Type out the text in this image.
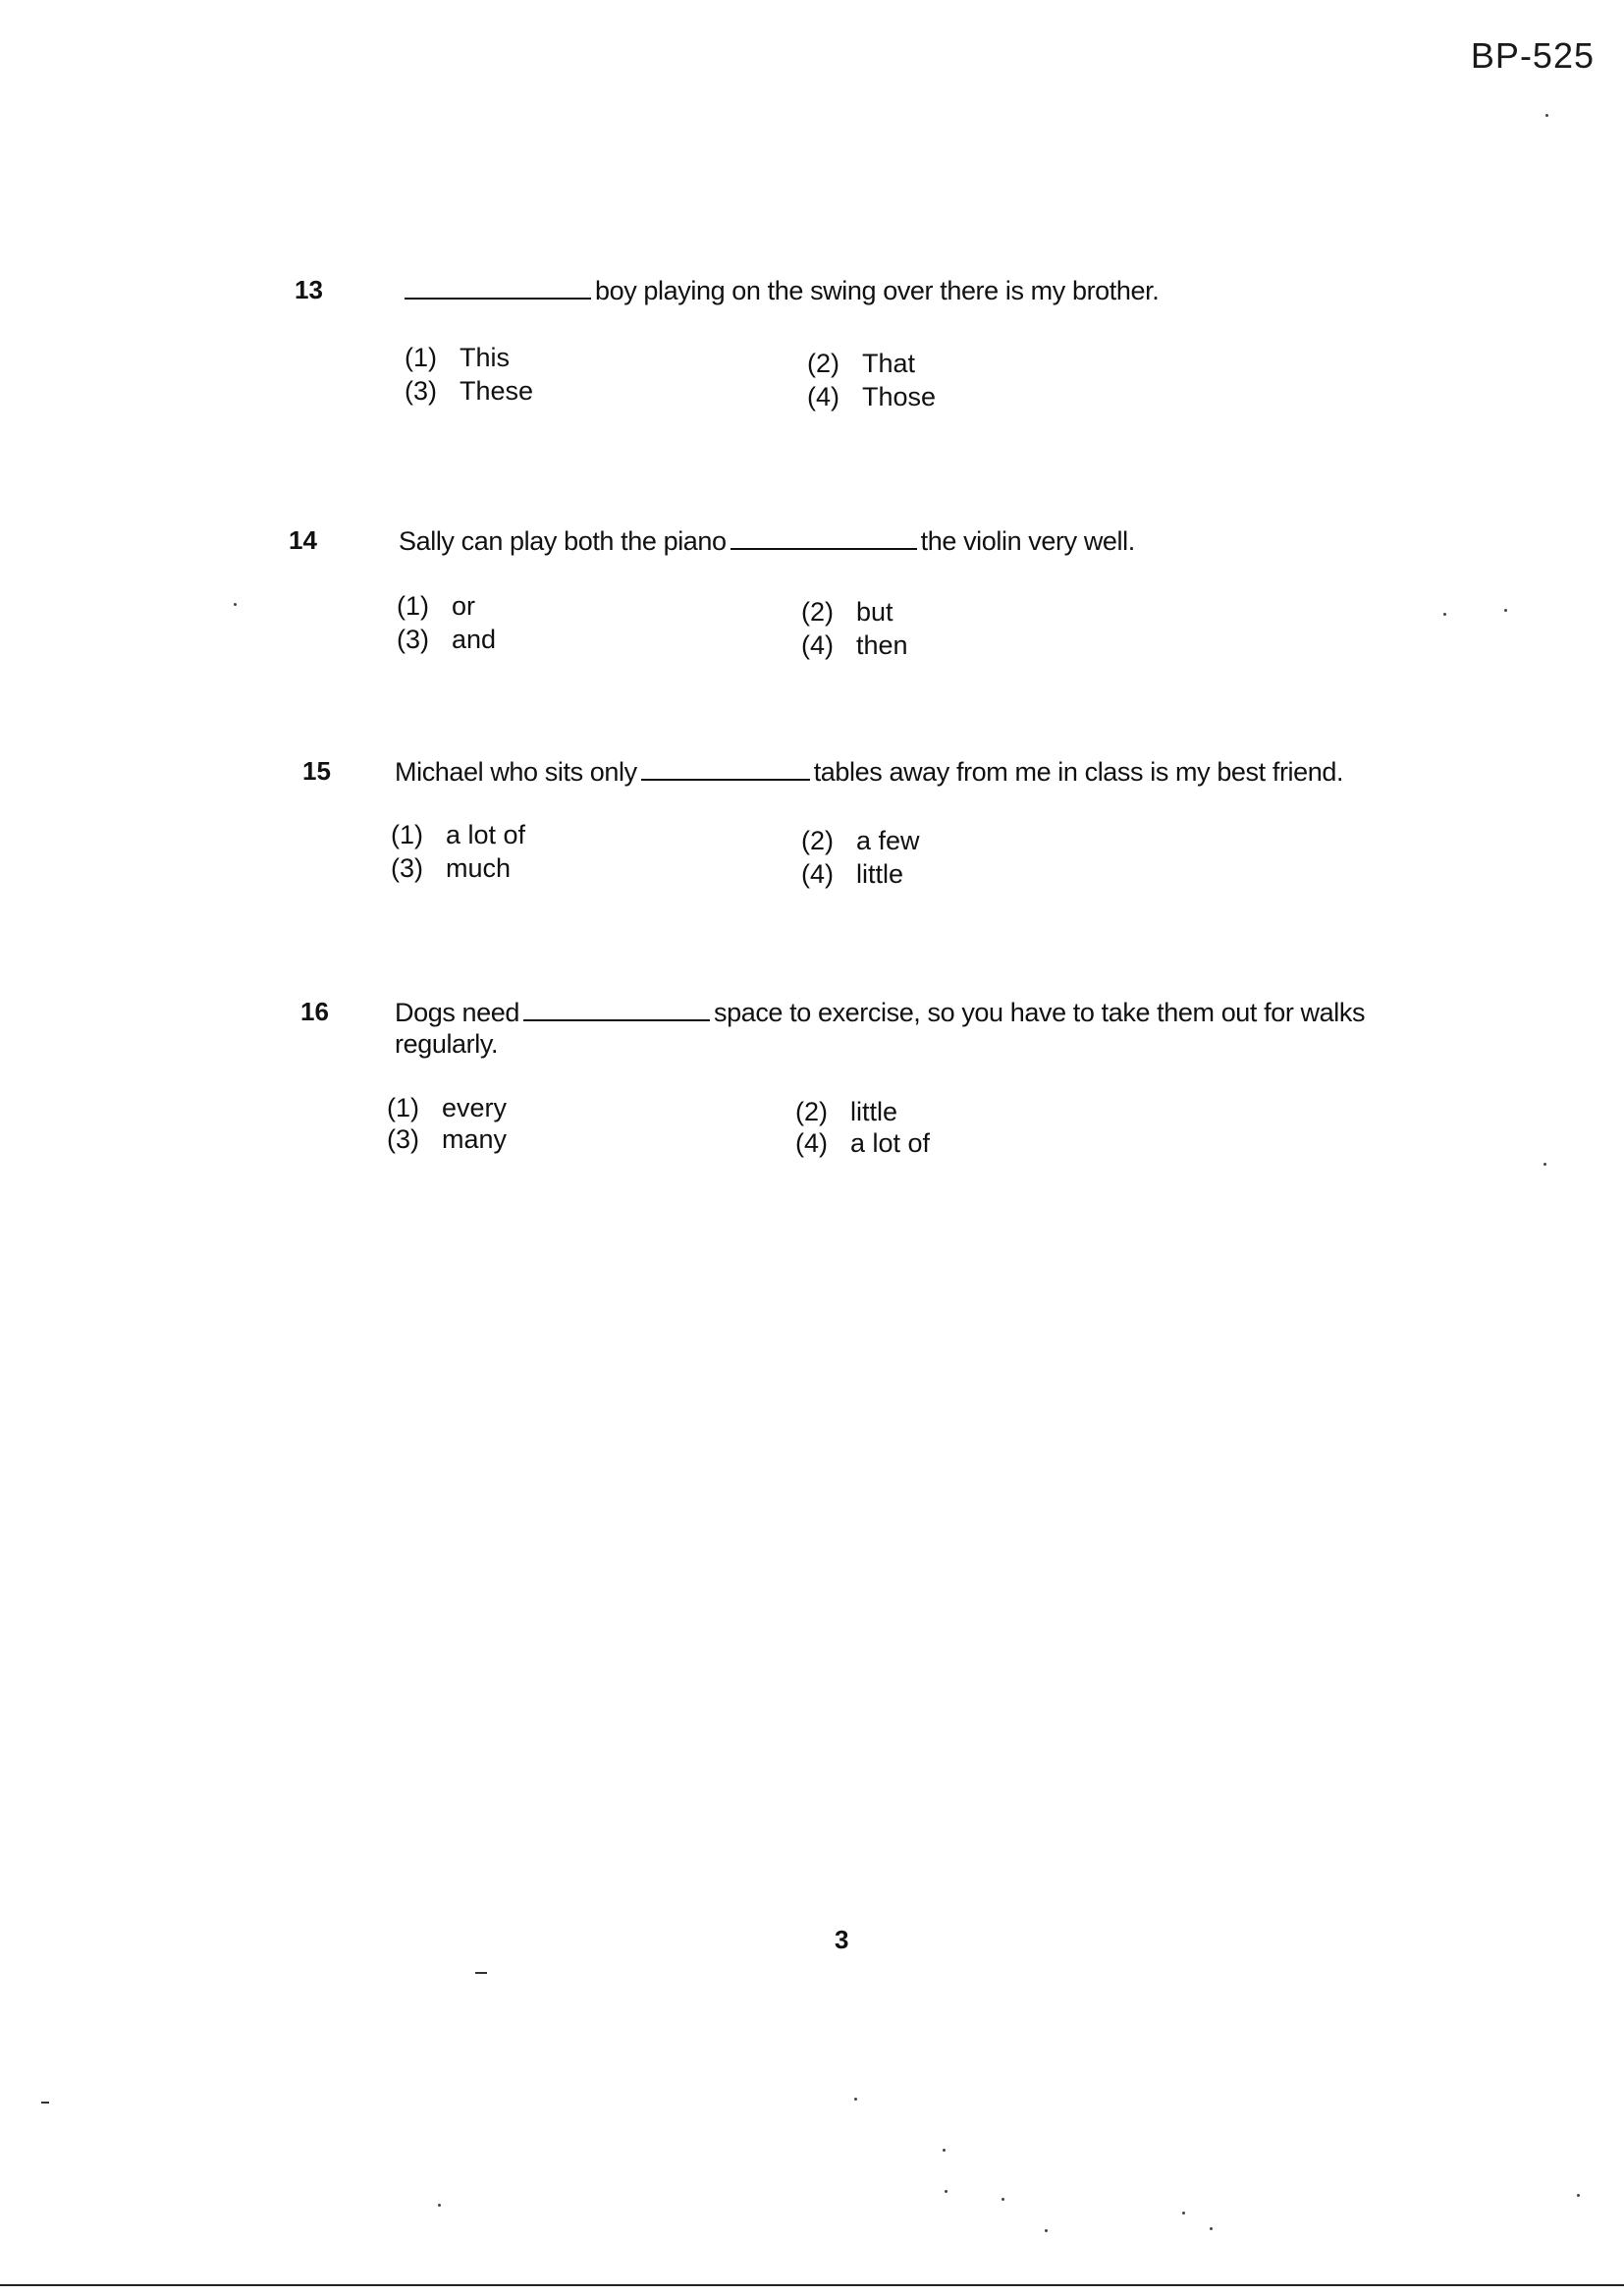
BP-525
13	boy playing on the swing over there is my brother.
(1) This	(2) That
(3) These	(4) Those
14	Sally can play both the piano	the violin very well.
(1) or	(2) but
(3) and	(4) then
15 Michael who sits only	tables away from me in class is my best friend.
(1) a lot of	(2) a few
(3) much	(4) little
16 Dogs need	space to exercise, so you have to take them out for walks regularly.
(1) every	(2) little
(3) many	(4) a lot of
3
